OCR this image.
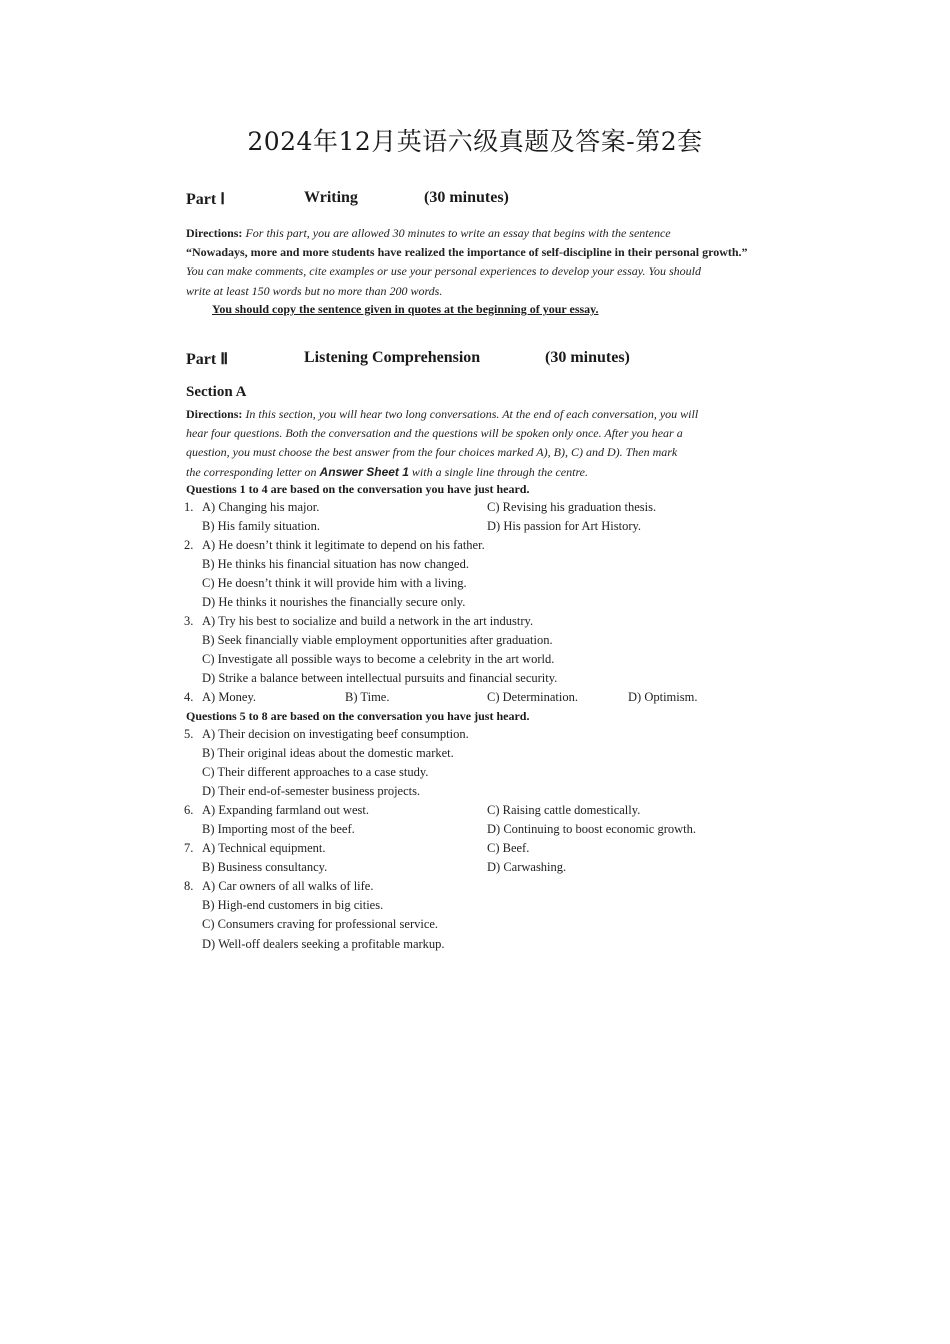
2024年12月英语六级真题及答案-第2套
Part Ⅰ	Writing	(30 minutes)
Directions: For this part, you are allowed 30 minutes to write an essay that begins with the sentence
“Nowadays, more and more students have realized the importance of self-discipline in their personal growth.”
You can make comments, cite examples or use your personal experiences to develop your essay. You should
write at least 150 words but no more than 200 words.
You should copy the sentence given in quotes at the beginning of your essay.
Part Ⅱ	Listening Comprehension	(30 minutes)
Section A
Directions: In this section, you will hear two long conversations. At the end of each conversation, you will
hear four questions. Both the conversation and the questions will be spoken only once. After you hear a
question, you must choose the best answer from the four choices marked A), B), C) and D). Then mark
the corresponding letter on Answer Sheet 1 with a single line through the centre.
Questions 1 to 4 are based on the conversation you have just heard.
1. A) Changing his major.	C) Revising his graduation thesis.
B) His family situation.	D) His passion for Art History.
2. A) He doesn’t think it legitimate to depend on his father.
B) He thinks his financial situation has now changed.
C) He doesn’t think it will provide him with a living.
D) He thinks it nourishes the financially secure only.
3. A) Try his best to socialize and build a network in the art industry.
B) Seek financially viable employment opportunities after graduation.
C) Investigate all possible ways to become a celebrity in the art world.
D) Strike a balance between intellectual pursuits and financial security.
4. A) Money.	B) Time.	C) Determination.	D) Optimism.
Questions 5 to 8 are based on the conversation you have just heard.
5. A) Their decision on investigating beef consumption.
B) Their original ideas about the domestic market.
C) Their different approaches to a case study.
D) Their end-of-semester business projects.
6. A) Expanding farmland out west.	C) Raising cattle domestically.
B) Importing most of the beef.	D) Continuing to boost economic growth.
7. A) Technical equipment.	C) Beef.
B) Business consultancy.	D) Carwashing.
8. A) Car owners of all walks of life.
B) High-end customers in big cities.
C) Consumers craving for professional service.
D) Well-off dealers seeking a profitable markup.
